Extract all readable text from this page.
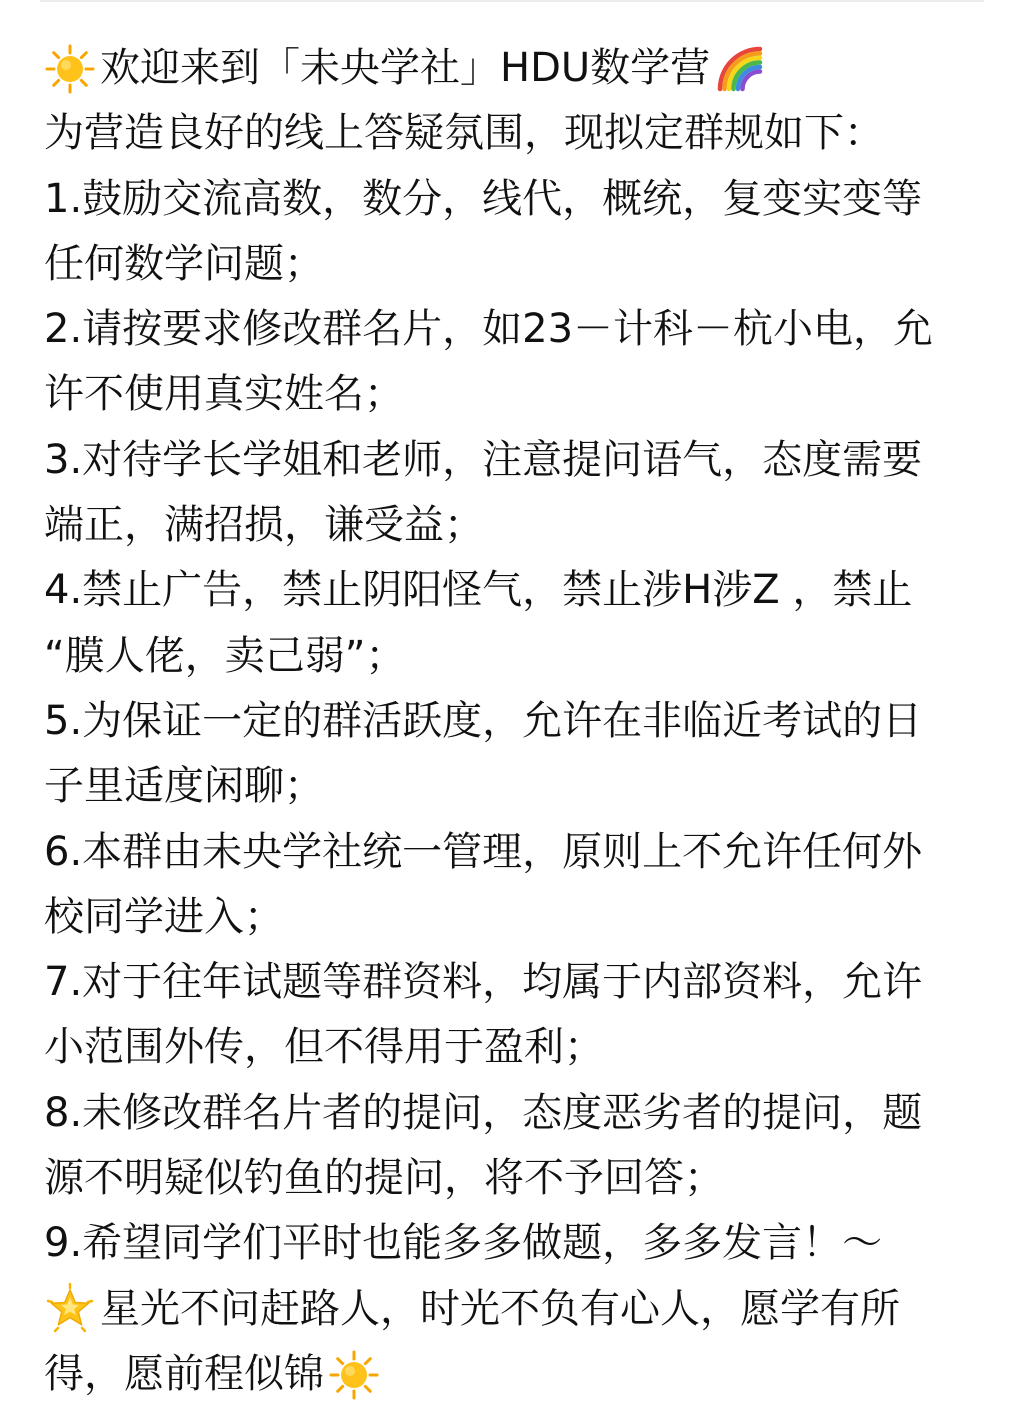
欢迎来到「未央学社」HDU数学营
为营造良好的线上答疑氛围，现拟定群规如下：
1.鼓励交流高数，数分，线代，概统，复变实变等
任何数学问题；
2.请按要求修改群名片，如23－计科－杭小电，允
许不使用真实姓名；
3.对待学长学姐和老师，注意提问语气，态度需要
端正，满招损，谦受益；
4.禁止广告，禁止阴阳怪气，禁止涉H涉Z ，禁止
“膜人佬，卖己弱”；
5.为保证一定的群活跃度，允许在非临近考试的日
子里适度闲聊；
6.本群由未央学社统一管理，原则上不允许任何外
校同学进入；
7.对于往年试题等群资料，均属于内部资料，允许
小范围外传，但不得用于盈利；
8.未修改群名片者的提问，态度恶劣者的提问，题
源不明疑似钓鱼的提问，将不予回答；
9.希望同学们平时也能多多做题，多多发言！～
星光不问赶路人，时光不负有心人，愿学有所
得，愿前程似锦
